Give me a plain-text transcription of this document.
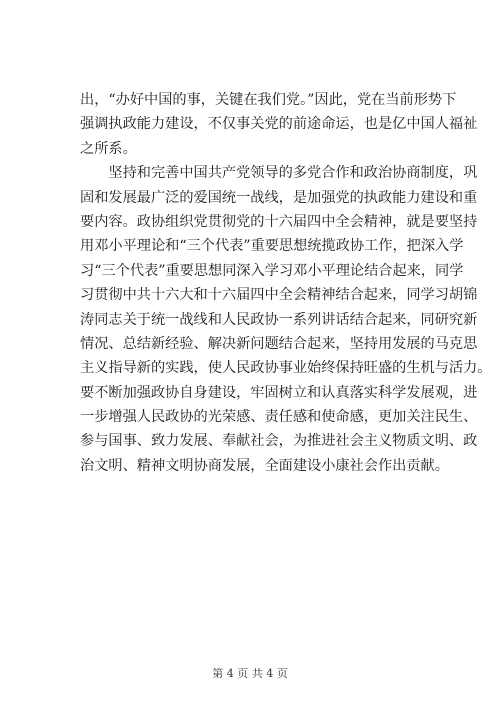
出，“办好中国的事，关键在我们党。”因此，党在当前形势下
强调执政能力建设，不仅事关党的前途命运，也是亿中国人福祉
之所系。
　　坚持和完善中国共产党领导的多党合作和政治协商制度，巩
固和发展最广泛的爱国统一战线，是加强党的执政能力建设和重
要内容。政协组织党贯彻党的十六届四中全会精神，就是要坚持
用邓小平理论和“三个代表”重要思想统揽政协工作，把深入学
习“三个代表”重要思想同深入学习邓小平理论结合起来，同学
习贯彻中共十六大和十六届四中全会精神结合起来，同学习胡锦
涛同志关于统一战线和人民政协一系列讲话结合起来，同研究新
情况、总结新经验、解决新问题结合起来，坚持用发展的马克思
主义指导新的实践，使人民政协事业始终保持旺盛的生机与活力。
要不断加强政协自身建设，牢固树立和认真落实科学发展观，进
一步增强人民政协的光荣感、责任感和使命感，更加关注民生、
参与国事、致力发展、奉献社会，为推进社会主义物质文明、政
治文明、精神文明协商发展，全面建设小康社会作出贡献。
第 4 页 共 4 页
